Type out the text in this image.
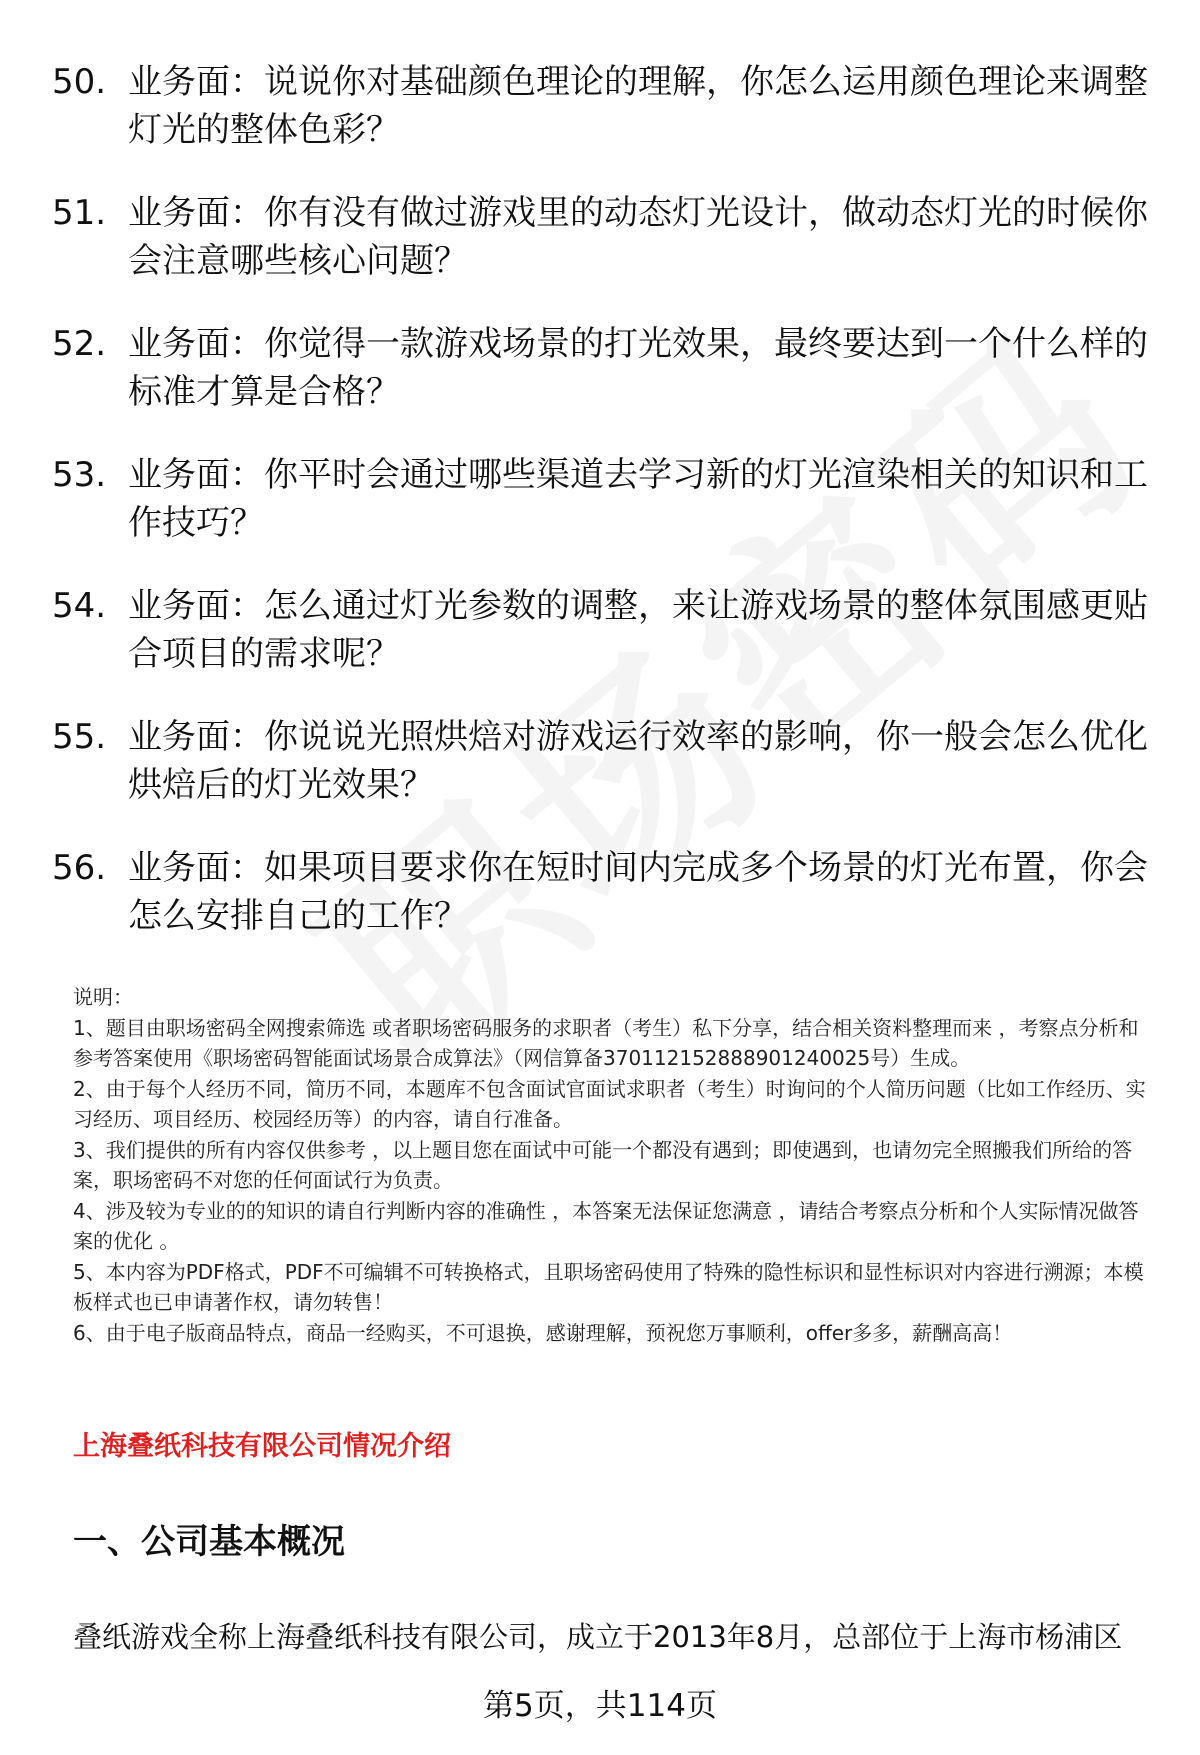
50. 业务面：说说你对基础颜色理论的理解，你怎么运用颜色理论来调整灯光的整体色彩？
51. 业务面：你有没有做过游戏里的动态灯光设计，做动态灯光的时候你会注意哪些核心问题？
52. 业务面：你觉得一款游戏场景的打光效果，最终要达到一个什么样的标准才算是合格？
53. 业务面：你平时会通过哪些渠道去学习新的灯光渲染相关的知识和工作技巧？
54. 业务面：怎么通过灯光参数的调整，来让游戏场景的整体氛围感更贴合项目的需求呢？
55. 业务面：你说说光照烘焙对游戏运行效率的影响，你一般会怎么优化烘焙后的灯光效果？
56. 业务面：如果项目要求你在短时间内完成多个场景的灯光布置，你会怎么安排自己的工作？

说明：

1、题目由职场密码全网搜索筛选 或者职场密码服务的求职者（考生）私下分享，结合相关资料整理而来 ，考察点分析和参考答案使用《职场密码智能面试场景合成算法》（网信算备370112152888901240025号）生成。

2、由于每个人经历不同，简历不同，本题库不包含面试官面试求职者（考生）时询问的个人简历问题（比如工作经历、实习经历、项目经历、校园经历等）的内容，请自行准备。

3、我们提供的所有内容仅供参考 ，以上题目您在面试中可能一个都没有遇到；即使遇到，也请勿完全照搬我们所给的答案，职场密码不对您的任何面试行为负责。

4、涉及较为专业的的知识的请自行判断内容的准确性 ，本答案无法保证您满意 ，请结合考察点分析和个人实际情况做答案的优化 。

5、本内容为PDF格式，PDF不可编辑不可转换格式，且职场密码使用了特殊的隐性标识和显性标识对内容进行溯源；本模板样式也已申请著作权，请勿转售！

6、由于电子版商品特点，商品一经购买，不可退换，感谢理解，预祝您万事顺利，offer多多，薪酬高高！

上海叠纸科技有限公司情况介绍
一、公司基本概况
叠纸游戏全称上海叠纸科技有限公司，成立于2013年8月，总部位于上海市杨浦区
第5页，共114页
